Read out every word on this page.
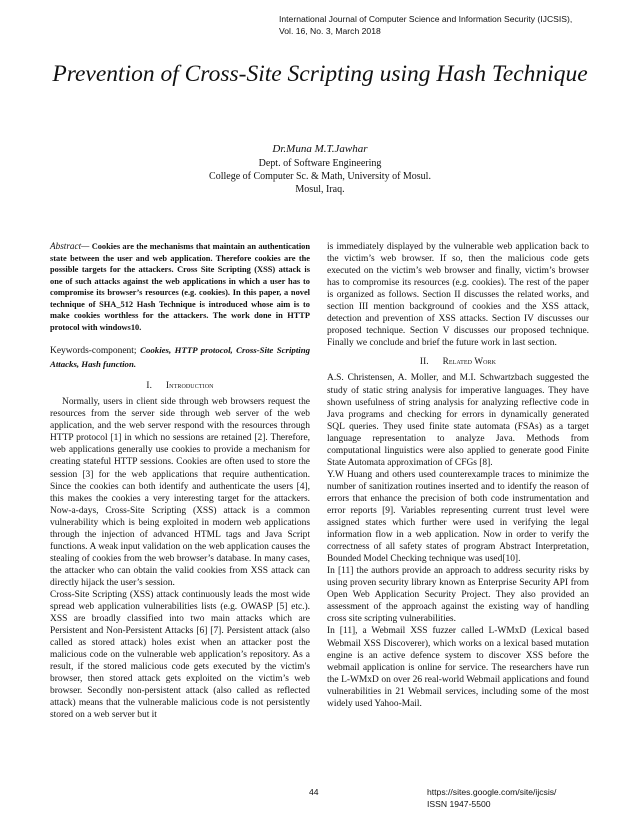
International Journal of Computer Science and Information Security (IJCSIS),
Vol. 16, No. 3, March 2018
Prevention of Cross-Site Scripting using Hash Technique
Dr.Muna M.T.Jawhar
Dept. of Software Engineering
College of Computer Sc. & Math, University of Mosul.
Mosul, Iraq.

Abstract— Cookies are the mechanisms that maintain an authentication state between the user and web application. Therefore cookies are the possible targets for the attackers. Cross Site Scripting (XSS) attack is one of such attacks against the web applications in which a user has to compromise its browser’s resources (e.g. cookies). In this paper, a novel technique of SHA_512 Hash Technique is introduced whose aim is to make cookies worthless for the attackers. The work done in HTTP protocol with windows10.

Keywords-component; Cookies, HTTP protocol, Cross-Site Scripting Attacks, Hash function.

I. Introduction

Normally, users in client side through web browsers request the resources from the server side through web server of the web application, and the web server respond with the resources through HTTP protocol [1] in which no sessions are retained [2]. Therefore, web applications generally use cookies to provide a mechanism for creating stateful HTTP sessions. Cookies are often used to store the session [3] for the web applications that require authentication. Since the cookies can both identify and authenticate the users [4], this makes the cookies a very interesting target for the attackers. Now-a-days, Cross-Site Scripting (XSS) attack is a common vulnerability which is being exploited in modern web applications through the injection of advanced HTML tags and Java Script functions. A weak input validation on the web application causes the stealing of cookies from the web browser’s database. In many cases, the attacker who can obtain the valid cookies from XSS attack can directly hijack the user’s session.

Cross-Site Scripting (XSS) attack continuously leads the most wide spread web application vulnerabilities lists (e.g. OWASP [5] etc.). XSS are broadly classified into two main attacks which are Persistent and Non-Persistent Attacks [6] [7]. Persistent attack (also called as stored attack) holes exist when an attacker post the malicious code on the vulnerable web application’s repository. As a result, if the stored malicious code gets executed by the victim's browser, then stored attack gets exploited on the victim’s web browser. Secondly non-persistent attack (also called as reflected attack) means that the vulnerable malicious code is not persistently stored on a web server but it

is immediately displayed by the vulnerable web application back to the victim’s web browser. If so, then the malicious code gets executed on the victim’s web browser and finally, victim’s browser has to compromise its resources (e.g. cookies). The rest of the paper is organized as follows. Section II discusses the related works, and section III mention background of cookies and the XSS attack, detection and prevention of XSS attacks. Section IV discusses our proposed technique. Section V discusses our proposed technique. Finally we conclude and brief the future work in last section.

II. Related Work

A.S. Christensen, A. Moller, and M.I. Schwartzbach suggested the study of static string analysis for imperative languages. They have shown usefulness of string analysis for analyzing reflective code in Java programs and checking for errors in dynamically generated SQL queries. They used finite state automata (FSAs) as a target language representation to analyze Java. Methods from computational linguistics were also applied to generate good Finite State Automata approximation of CFGs [8].

Y.W Huang and others used counterexample traces to minimize the number of sanitization routines inserted and to identify the reason of errors that enhance the precision of both code instrumentation and error reports [9]. Variables representing current trust level were assigned states which further were used in verifying the legal information flow in a web application. Now in order to verify the correctness of all safety states of program Abstract Interpretation, Bounded Model Checking technique was used[10].

In [11] the authors provide an approach to address security risks by using proven security library known as Enterprise Security API from Open Web Application Security Project. They also provided an assessment of the approach against the existing way of handling cross site scripting vulnerabilities.

In [11], a Webmail XSS fuzzer called L-WMxD (Lexical based Webmail XSS Discoverer), which works on a lexical based mutation engine is an active defence system to discover XSS before the webmail application is online for service. The researchers have run the L-WMxD on over 26 real-world Webmail applications and found vulnerabilities in 21 Webmail services, including some of the most widely used Yahoo-Mail.

44	https://sites.google.com/site/ijcsis/
ISSN 1947-5500
